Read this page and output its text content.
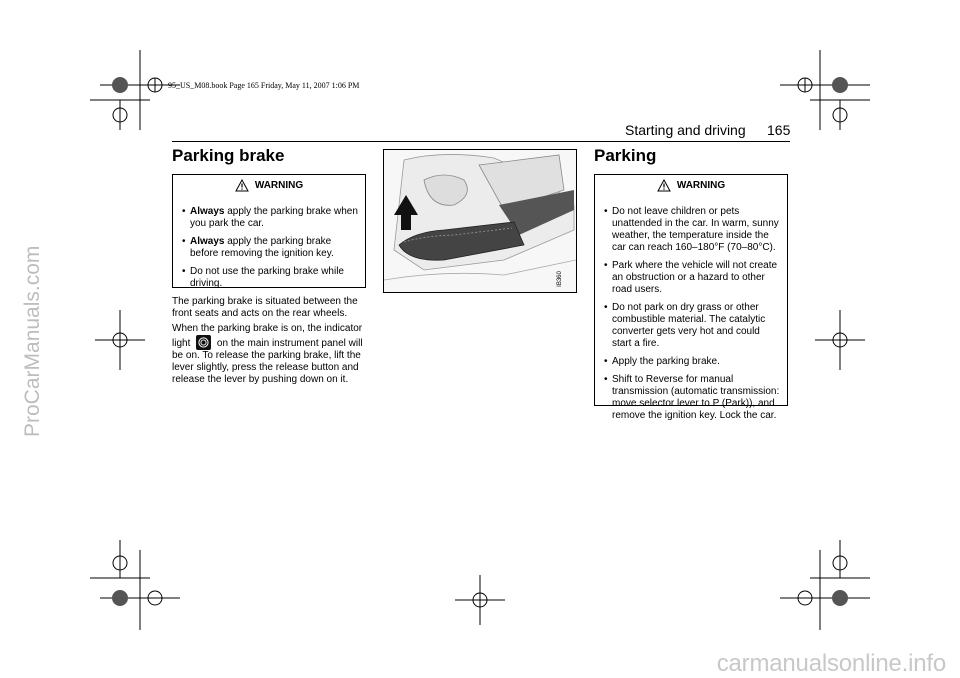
95_US_M08.book Page 165 Friday, May 11, 2007 1:06 PM
ProCarManuals.com
carmanualsonline.info
Starting and driving 165
Parking brake
WARNING
• Always apply the parking brake when you park the car.
• Always apply the parking brake before removing the ignition key.
• Do not use the parking brake while driving.

The parking brake is situated between the front seats and acts on the rear wheels.

When the parking brake is on, the indicator light	on the main instrument panel will be on. To release the parking brake, lift the lever slightly, press the release button and release the lever by pushing down on it.

IB360
Parking
WARNING
• Do not leave children or pets unattended in the car. In warm, sunny weather, the temperature inside the car can reach 160–180°F (70–80°C).
• Park where the vehicle will not create an obstruction or a hazard to other road users.
• Do not park on dry grass or other combustible material. The catalytic converter gets very hot and could start a fire.
• Apply the parking brake.
• Shift to Reverse for manual transmission (automatic transmission: move selector lever to P (Park)), and remove the ignition key. Lock the car.
